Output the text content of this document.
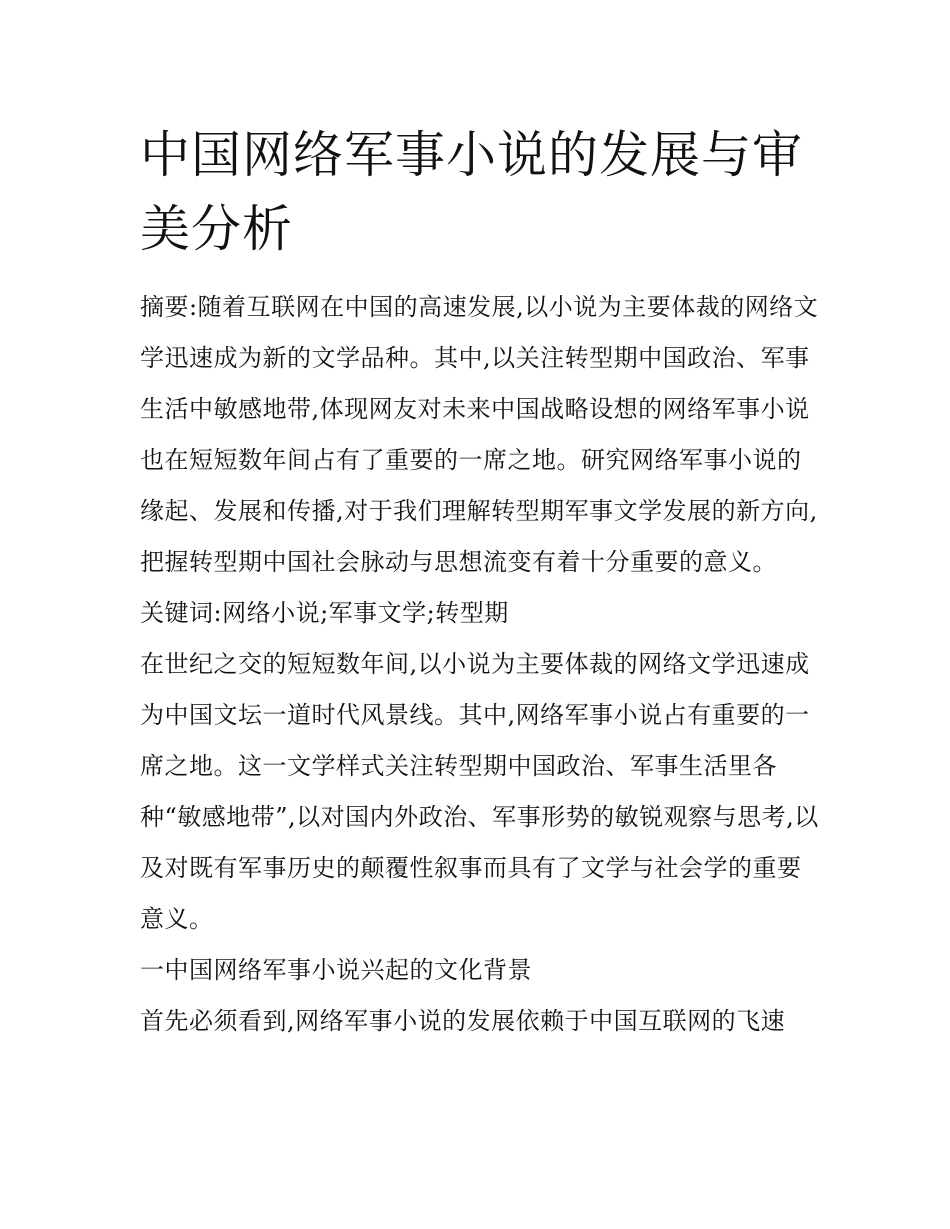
中国网络军事小说的发展与审美分析

摘要:随着互联网在中国的高速发展,以小说为主要体裁的网络文学迅速成为新的文学品种。其中,以关注转型期中国政治、军事生活中敏感地带,体现网友对未来中国战略设想的网络军事小说也在短短数年间占有了重要的一席之地。研究网络军事小说的缘起、发展和传播,对于我们理解转型期军事文学发展的新方向,把握转型期中国社会脉动与思想流变有着十分重要的意义。

关键词:网络小说;军事文学;转型期

在世纪之交的短短数年间,以小说为主要体裁的网络文学迅速成为中国文坛一道时代风景线。其中,网络军事小说占有重要的一席之地。这一文学样式关注转型期中国政治、军事生活里各种“敏感地带”,以对国内外政治、军事形势的敏锐观察与思考,以及对既有军事历史的颠覆性叙事而具有了文学与社会学的重要意义。

一中国网络军事小说兴起的文化背景

首先必须看到,网络军事小说的发展依赖于中国互联网的飞速
